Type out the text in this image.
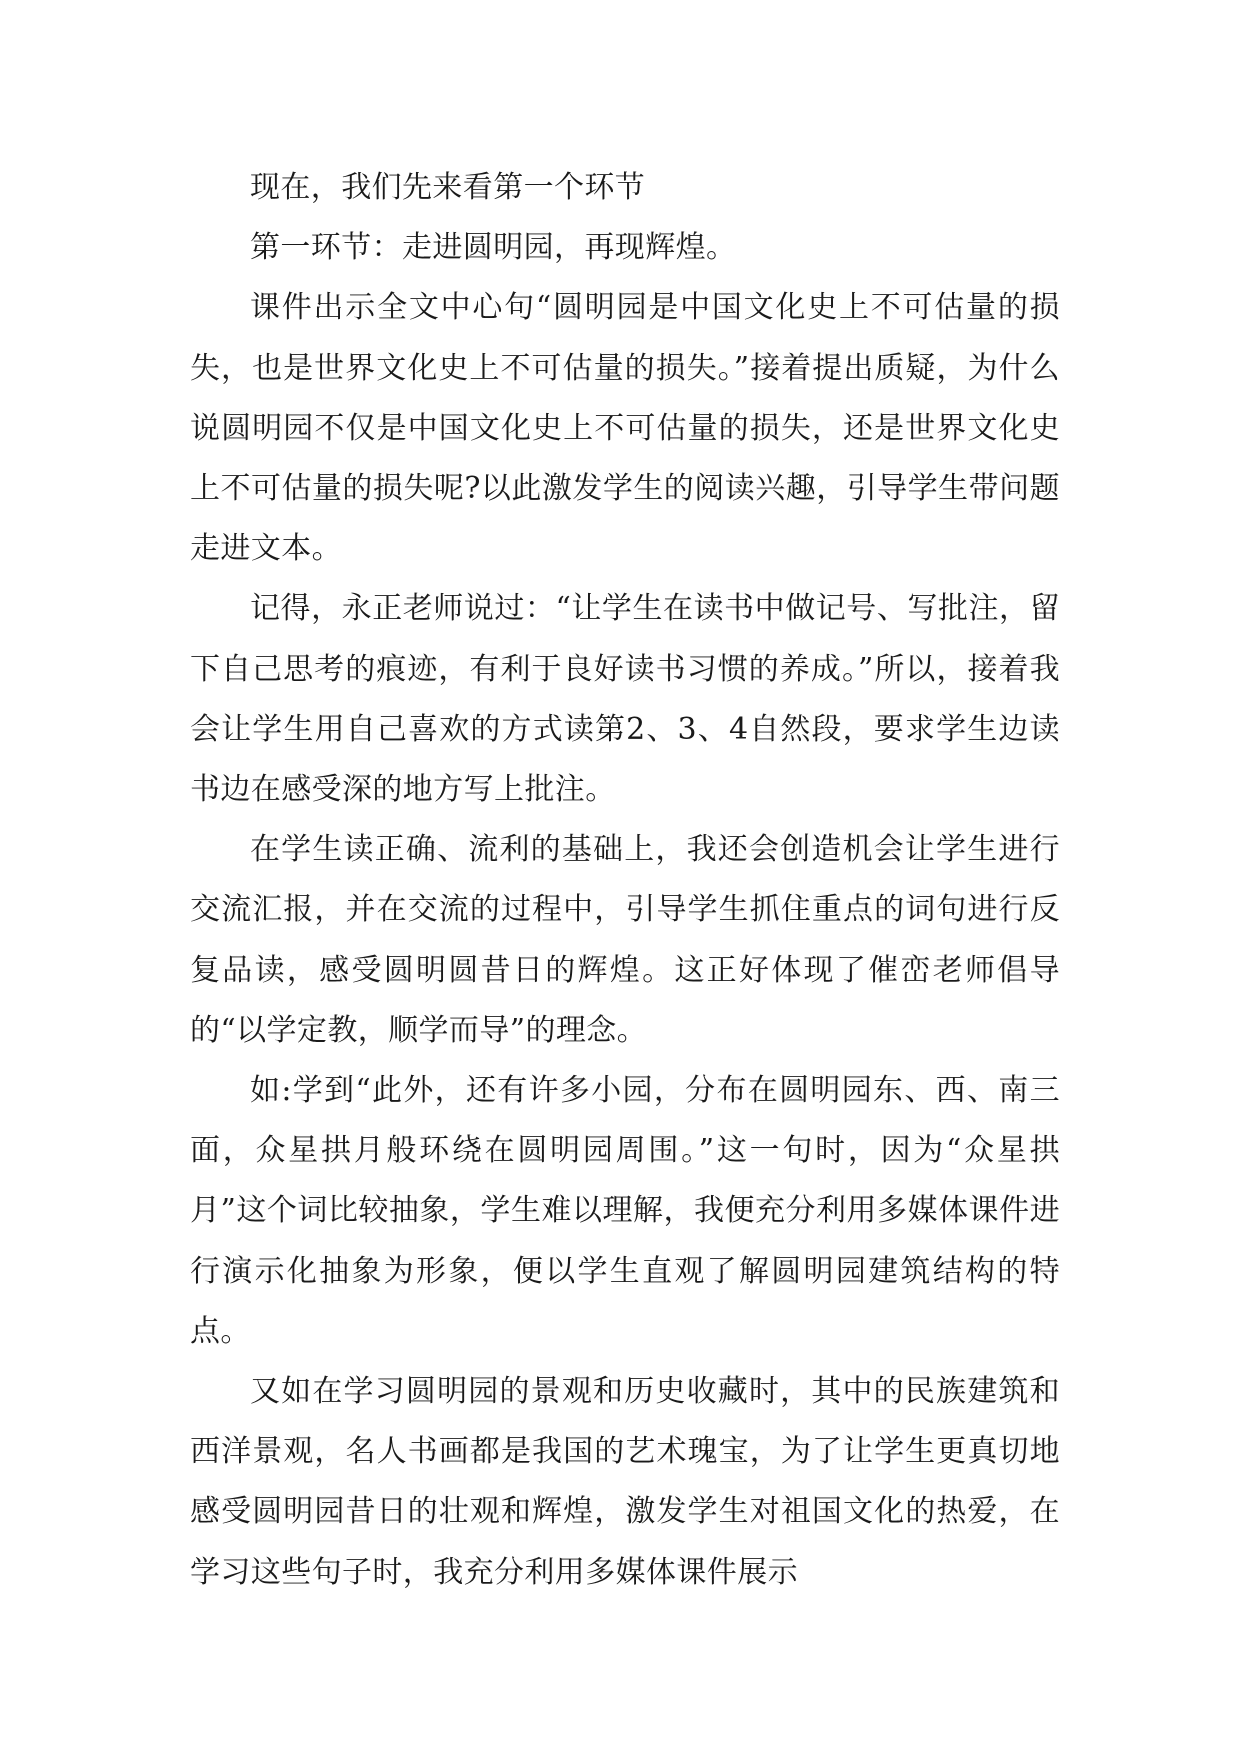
现在，我们先来看第一个环节

第一环节：走进圆明园，再现辉煌。

课件出示全文中心句“圆明园是中国文化史上不可估量的损失，也是世界文化史上不可估量的损失。”接着提出质疑，为什么说圆明园不仅是中国文化史上不可估量的损失，还是世界文化史上不可估量的损失呢?以此激发学生的阅读兴趣，引导学生带问题走进文本。

记得，永正老师说过：“让学生在读书中做记号、写批注，留下自己思考的痕迹，有利于良好读书习惯的养成。”所以，接着我会让学生用自己喜欢的方式读第2、3、4自然段，要求学生边读书边在感受深的地方写上批注。

在学生读正确、流利的基础上，我还会创造机会让学生进行交流汇报，并在交流的过程中，引导学生抓住重点的词句进行反复品读，感受圆明圆昔日的辉煌。这正好体现了催峦老师倡导的“以学定教，顺学而导”的理念。

如:学到“此外，还有许多小园，分布在圆明园东、西、南三面，众星拱月般环绕在圆明园周围。”这一句时，因为“众星拱月”这个词比较抽象，学生难以理解，我便充分利用多媒体课件进行演示化抽象为形象，便以学生直观了解圆明园建筑结构的特点。

又如在学习圆明园的景观和历史收藏时，其中的民族建筑和西洋景观，名人书画都是我国的艺术瑰宝，为了让学生更真切地感受圆明园昔日的壮观和辉煌，激发学生对祖国文化的热爱，在学习这些句子时，我充分利用多媒体课件展示
